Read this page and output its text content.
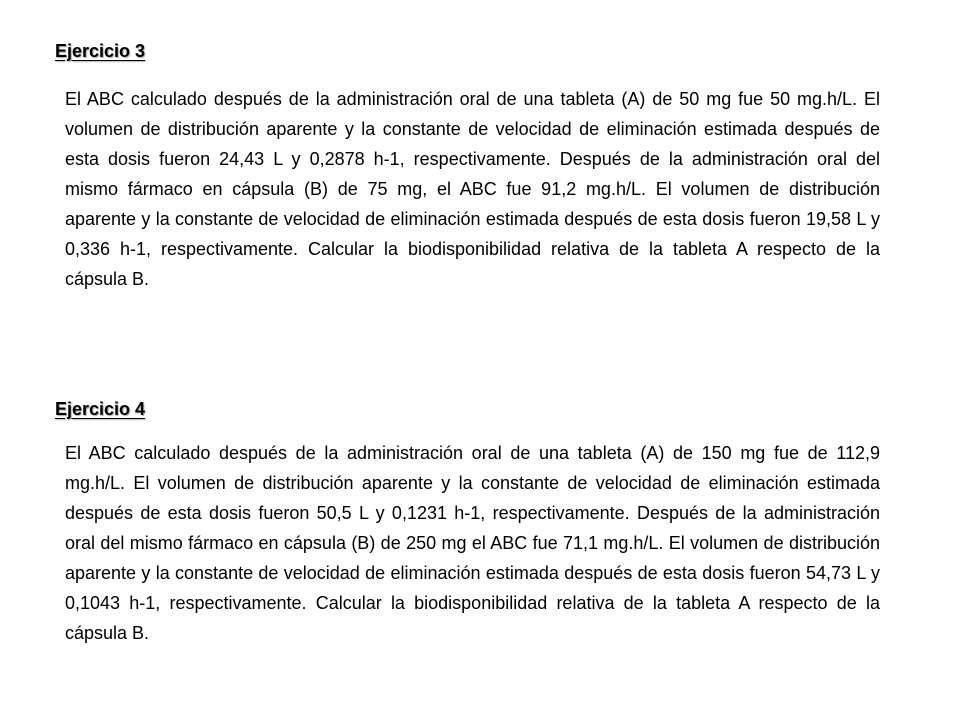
Ejercicio 3

El ABC calculado después de la administración oral de una tableta (A) de 50 mg fue 50 mg.h/L. El volumen de distribución aparente y la constante de velocidad de eliminación estimada después de esta dosis fueron 24,43 L y 0,2878 h-1, respectivamente. Después de la administración oral del mismo fármaco en cápsula (B) de 75 mg, el ABC fue 91,2 mg.h/L. El volumen de distribución aparente y la constante de velocidad de eliminación estimada después de esta dosis fueron 19,58 L y 0,336 h-1, respectivamente. Calcular la biodisponibilidad relativa de la tableta A respecto de la cápsula B.

Ejercicio 4

El ABC calculado después de la administración oral de una tableta (A) de 150 mg fue de 112,9 mg.h/L. El volumen de distribución aparente y la constante de velocidad de eliminación estimada después de esta dosis fueron 50,5 L y 0,1231 h-1, respectivamente. Después de la administración oral del mismo fármaco en cápsula (B) de 250 mg el ABC fue 71,1 mg.h/L. El volumen de distribución aparente y la constante de velocidad de eliminación estimada después de esta dosis fueron 54,73 L y 0,1043 h-1, respectivamente. Calcular la biodisponibilidad relativa de la tableta A respecto de la cápsula B.
